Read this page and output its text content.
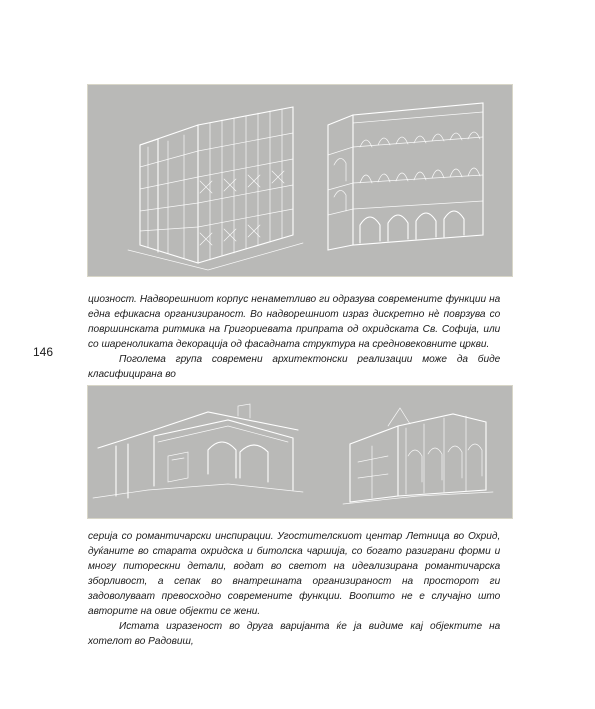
циозност. Надворешниот корпус ненаметливо ги одразува современите функции на една ефикасна организираност. Во надворешниот израз дискретно нè поврзува со површинската ритмика на Григориевата припрата од охридската Св. Софија, или со шареноликата декорација од фасадната структура на средновековните цркви.

Поголема група современи архитектонски реализации може да биде класифицирана во

146

серија со романтичарски инспирации. Угостителскиот центар Летница во Охрид, дуќаните во старата охридска и битолска чаршија, со богато разиграни форми и многу питорескни детали, водат во светот на идеализирана романтичарска зборливост, а сепак во внатрешната организираност на просторот ги задоволуваат превосходно современите функции. Воопшто не е случајно што авторите на овие објекти се жени.

Истата изразеност во друга варијанта ќе ја видиме кај објектите на хотелот во Радовиш,
